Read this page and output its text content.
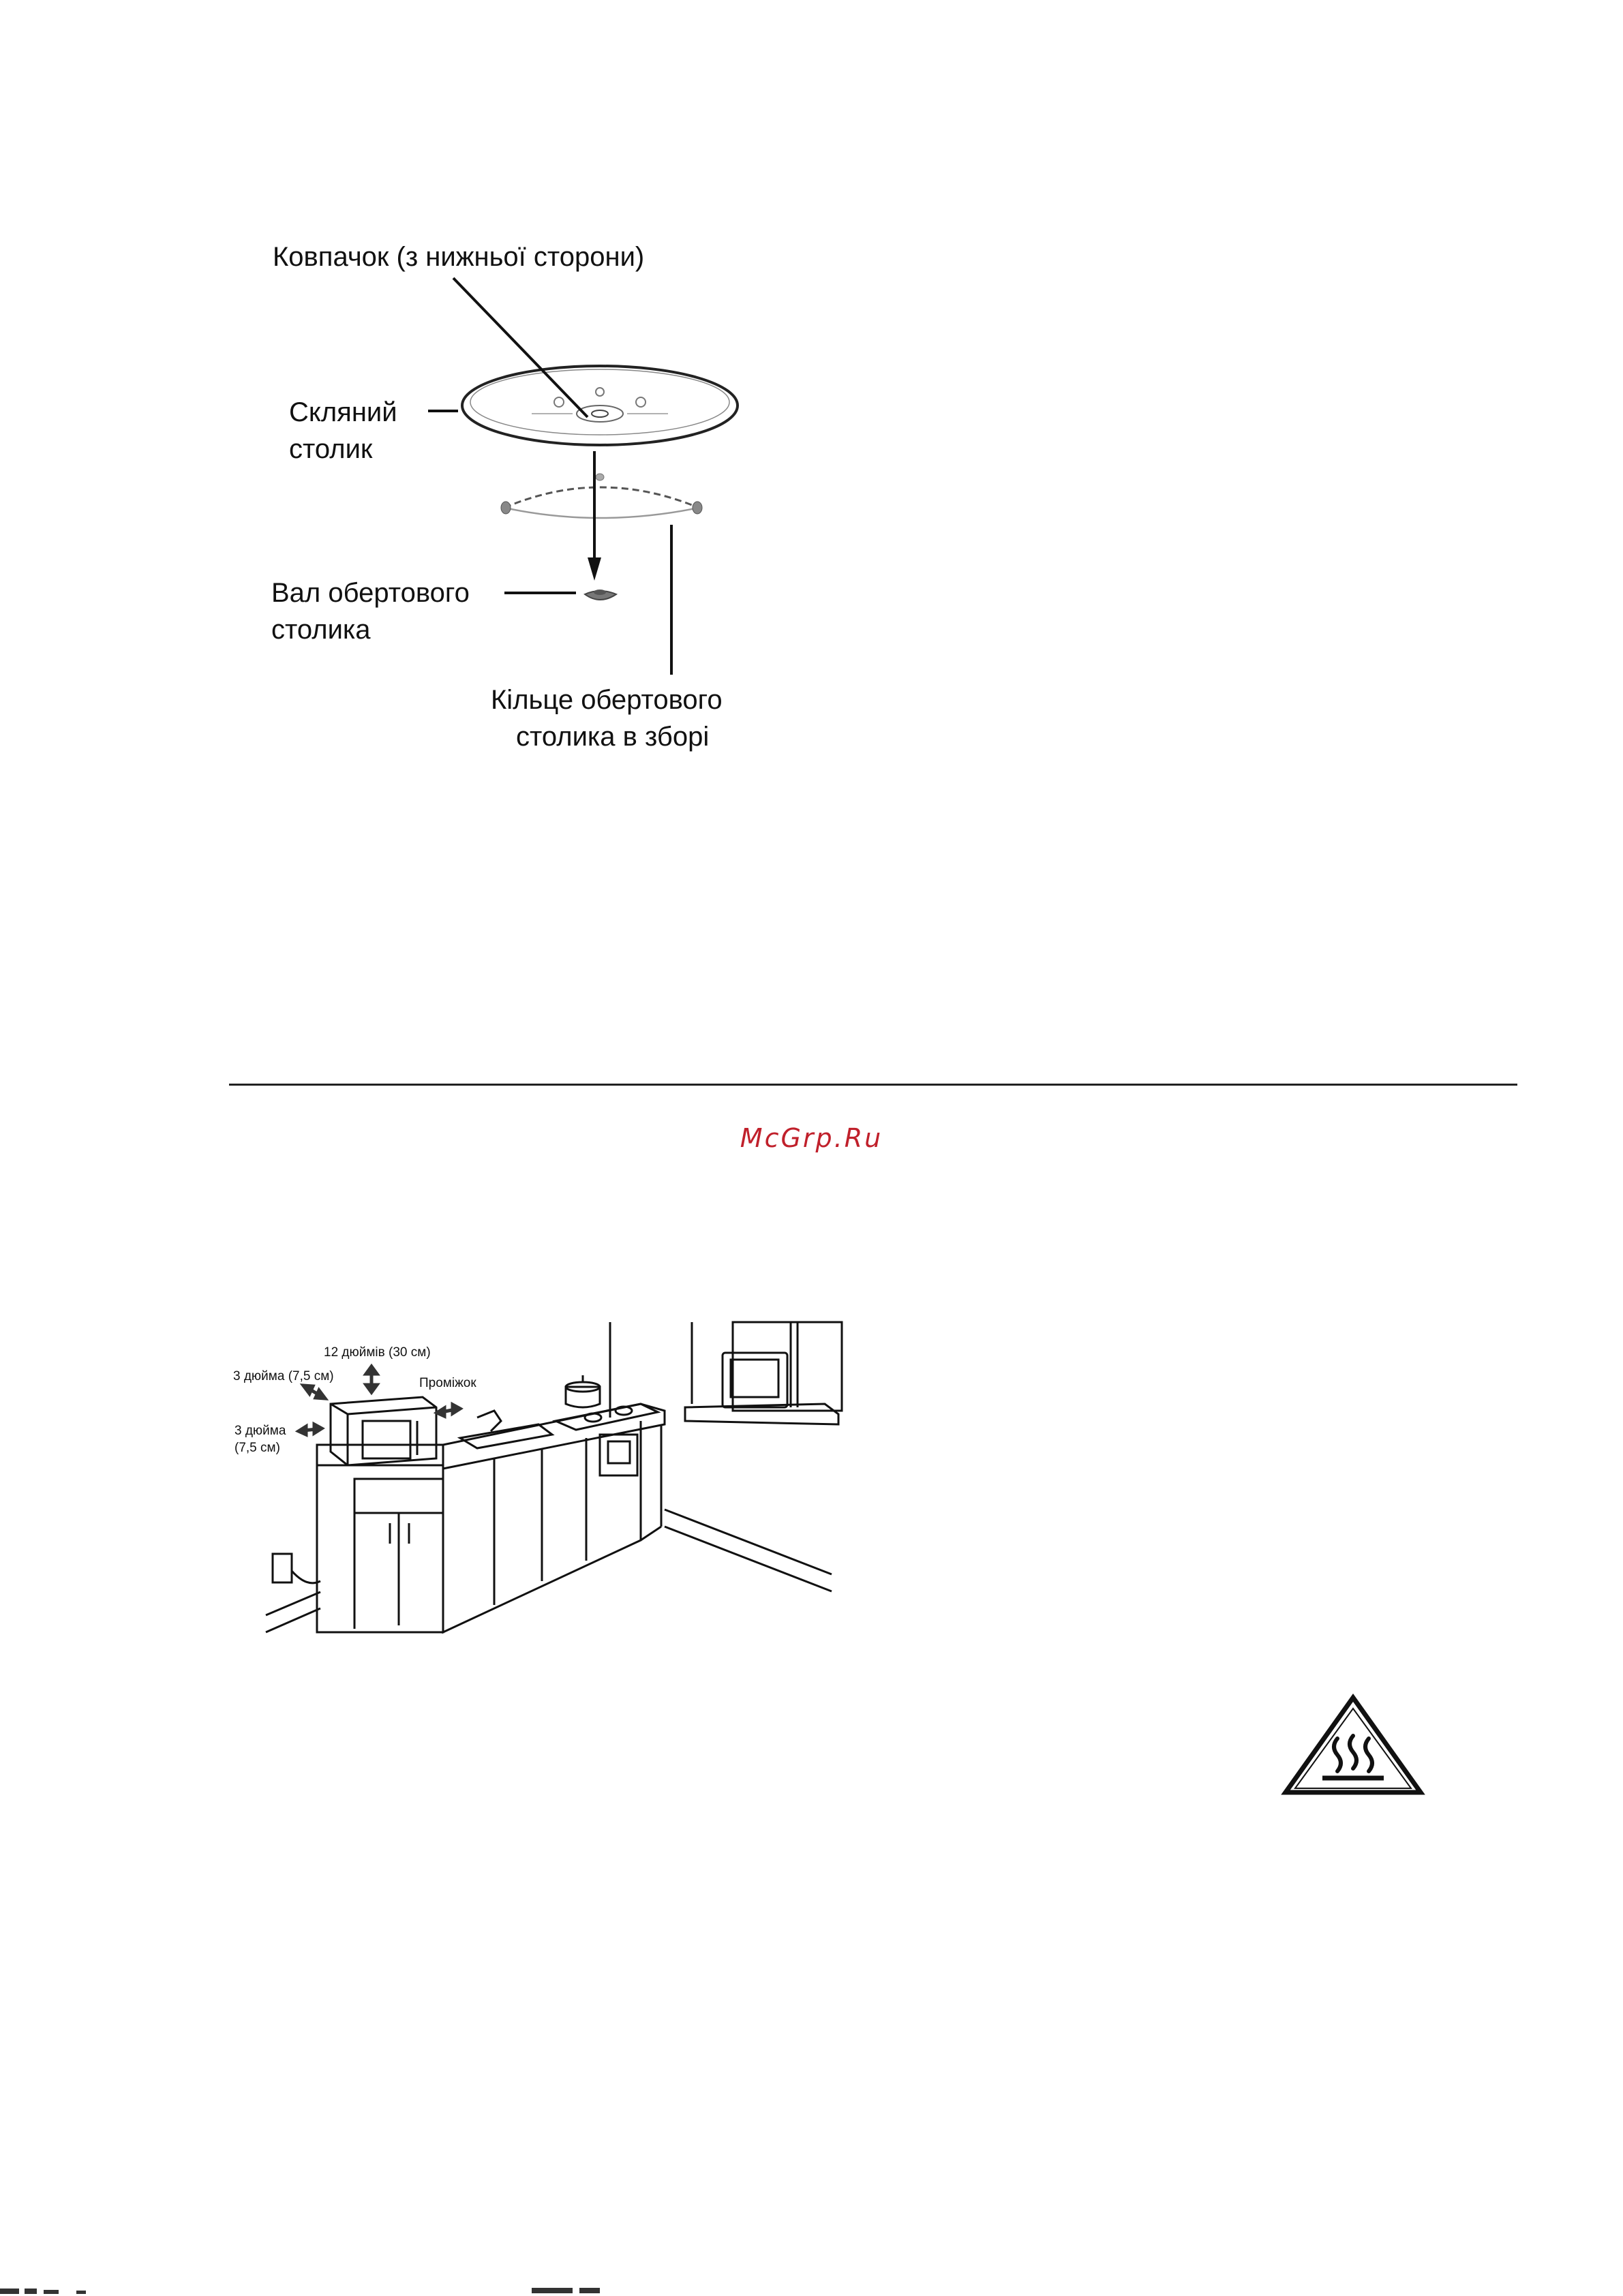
Ковпачок (з нижньої сторони)
Скляний
столик
Вал обертового
столика
Кільце обертового
столика в зборі
McGrp.Ru
12 дюймів (30 см)
3 дюйма (7,5 см)	Проміжок
3 дюйма
(7,5 см)
